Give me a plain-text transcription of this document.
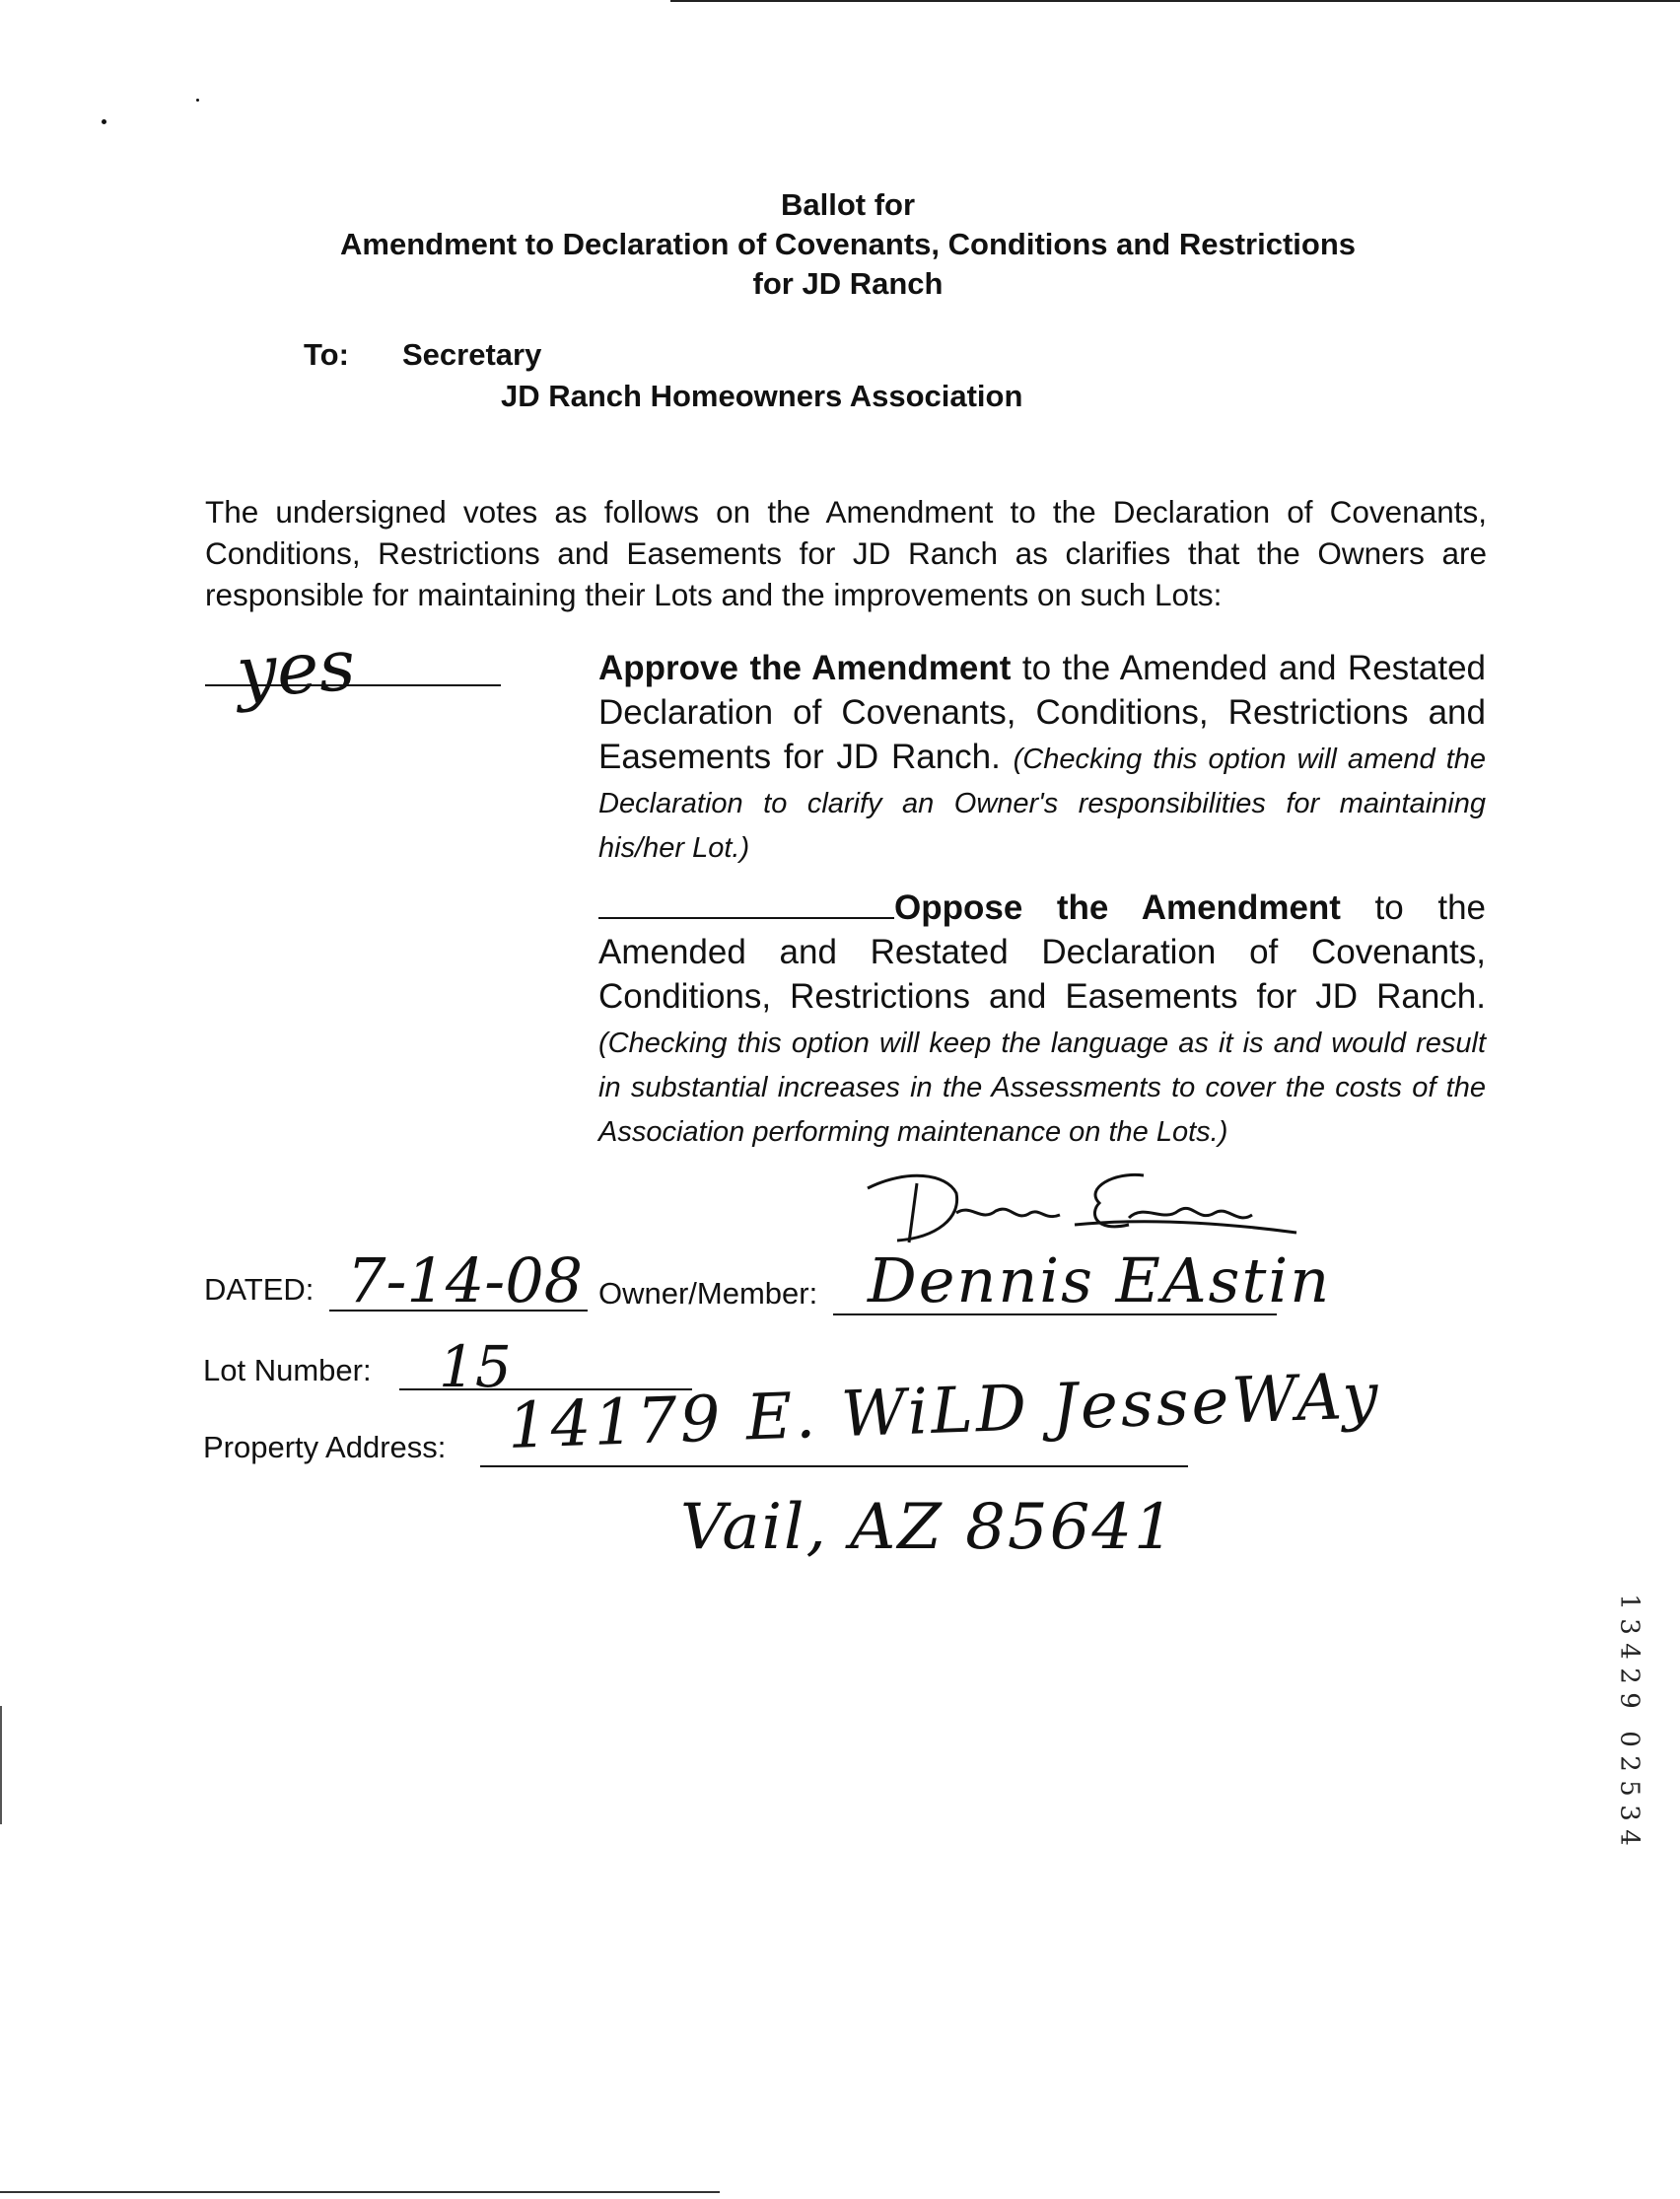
Ballot for
Amendment to Declaration of Covenants, Conditions and Restrictions
for JD Ranch
To: Secretary
JD Ranch Homeowners Association
The undersigned votes as follows on the Amendment to the Declaration of Covenants, Conditions, Restrictions and Easements for JD Ranch as clarifies that the Owners are responsible for maintaining their Lots and the improvements on such Lots:
yes	Approve the Amendment to the Amended and Restated Declaration of Covenants, Conditions, Restrictions and Easements for JD Ranch. (Checking this option will amend the Declaration to clarify an Owner's responsibilities for maintaining his/her Lot.)
Oppose the Amendment to the Amended and Restated Declaration of Covenants, Conditions, Restrictions and Easements for JD Ranch. (Checking this option will keep the language as it is and would result in substantial increases in the Assessments to cover the costs of the Association performing maintenance on the Lots.)
DATED: 7-14-08 Owner/Member: Dennis EAstin
Lot Number: 15
Property Address: 14179 E. WiLD JesseWAy
Vail, AZ 85641
1
3
4
2
9
0
2
5
3
4
